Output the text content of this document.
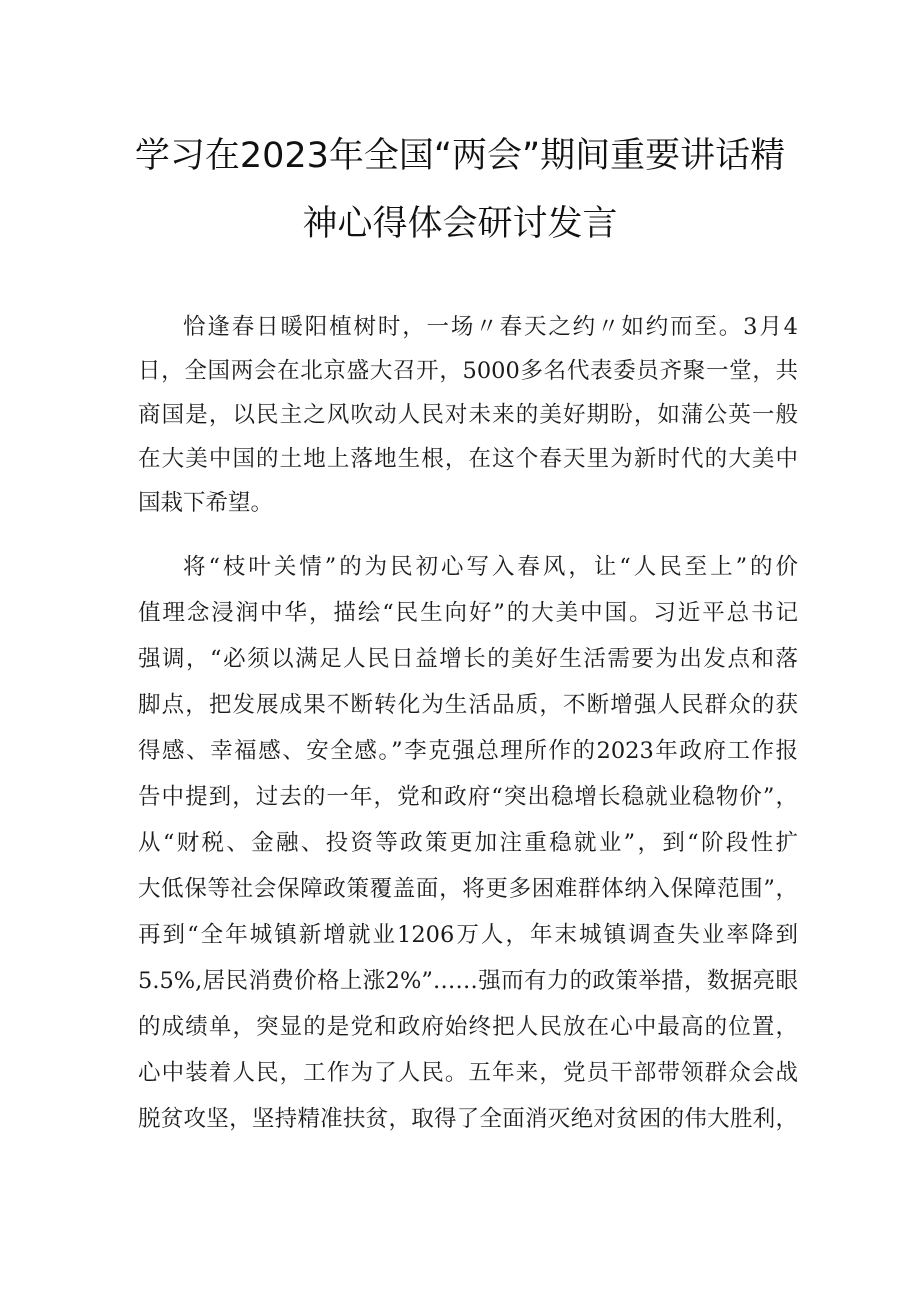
学习在2023年全国“两会”期间重要讲话精
神心得体会研讨发言
恰逢春日暖阳植树时，一场〃春天之约〃如约而至。3月4
日，全国两会在北京盛大召开，5000多名代表委员齐聚一堂，共
商国是，以民主之风吹动人民对未来的美好期盼，如蒲公英一般
在大美中国的土地上落地生根，在这个春天里为新时代的大美中
国栽下希望。
将“枝叶关情”的为民初心写入春风，让“人民至上”的价
值理念浸润中华，描绘“民生向好”的大美中国。习近平总书记
强调，“必须以满足人民日益增长的美好生活需要为出发点和落
脚点，把发展成果不断转化为生活品质，不断增强人民群众的获
得感、幸福感、安全感。”李克强总理所作的2023年政府工作报
告中提到，过去的一年，党和政府“突出稳增长稳就业稳物价”，
从“财税、金融、投资等政策更加注重稳就业”，到“阶段性扩
大低保等社会保障政策覆盖面，将更多困难群体纳入保障范围”，
再到“全年城镇新增就业1206万人，年末城镇调查失业率降到
5.5%,居民消费价格上涨2%”……强而有力的政策举措，数据亮眼
的成绩单，突显的是党和政府始终把人民放在心中最高的位置，
心中装着人民，工作为了人民。五年来，党员干部带领群众会战
脱贫攻坚，坚持精准扶贫，取得了全面消灭绝对贫困的伟大胜利，
